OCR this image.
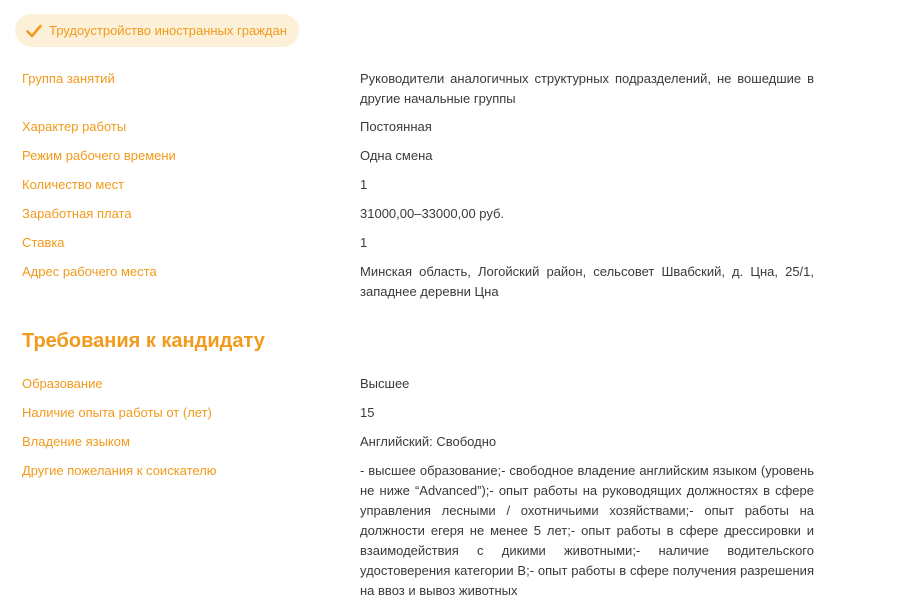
Трудоустройство иностранных граждан
Группа занятий	Руководители аналогичных структурных подразделений, не вошедшие в другие начальные группы
Характер работы	Постоянная
Режим рабочего времени	Одна смена
Количество мест	1
Заработная плата	31000,00–33000,00 руб.
Ставка	1
Адрес рабочего места	Минская область, Логойский район, сельсовет Швабский, д. Цна, 25/1, западнее деревни Цна
Требования к кандидату
Образование	Высшее
Наличие опыта работы от (лет)	15
Владение языком	Английский: Свободно
Другие пожелания к соискателю	- высшее образование;- свободное владение английским языком (уровень не ниже “Advanced”);- опыт работы на руководящих должностях в сфере управления лесными / охотничьими хозяйствами;- опыт работы на должности егеря не менее 5 лет;- опыт работы в сфере дрессировки и взаимодействия с дикими животными;- наличие водительского удостоверения категории B;- опыт работы в сфере получения разрешения на ввоз и вывоз животных
